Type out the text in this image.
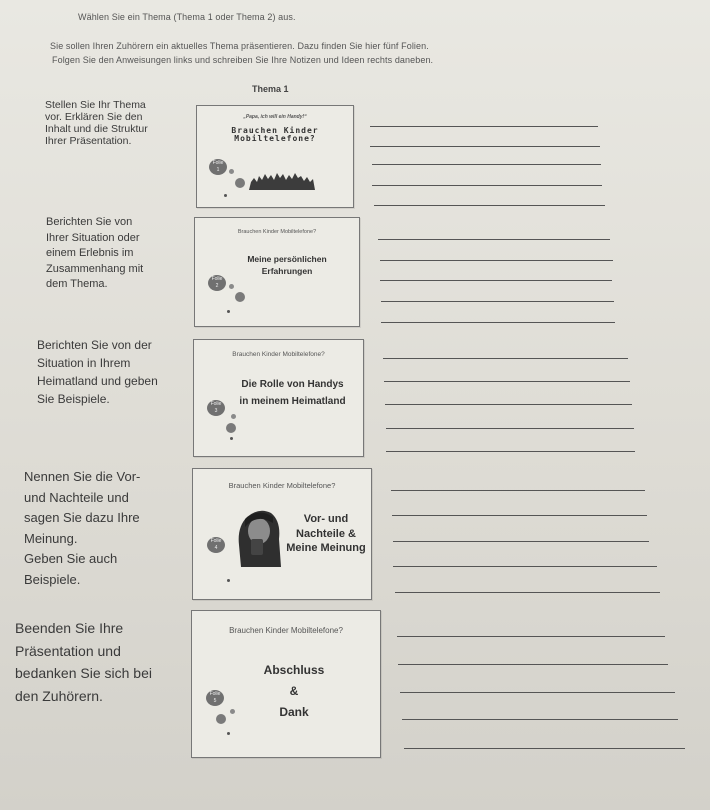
Wählen Sie ein Thema (Thema 1 oder Thema 2) aus.
Sie sollen Ihren Zuhörern ein aktuelles Thema präsentieren. Dazu finden Sie hier fünf Folien.
Folgen Sie den Anweisungen links und schreiben Sie Ihre Notizen und Ideen rechts daneben.
Thema 1
Stellen Sie Ihr Thema
vor. Erklären Sie den
Inhalt und die Struktur
Ihrer Präsentation.
„Papa, ich will ein Handy!“
Brauchen Kinder
Mobiltelefone?
Folie
1
Berichten Sie von
Ihrer Situation oder
einem Erlebnis im
Zusammenhang mit
dem Thema.
Brauchen Kinder Mobiltelefone?
Meine persönlichen
Erfahrungen
Folie
2
Berichten Sie von der
Situation in Ihrem
Heimatland und geben
Sie Beispiele.
Brauchen Kinder Mobiltelefone?
Die Rolle von Handys
in meinem Heimatland
Folie
3
Nennen Sie die Vor-
und Nachteile und
sagen Sie dazu Ihre
Meinung.
Geben Sie auch
Beispiele.
Brauchen Kinder Mobiltelefone?
Vor- und
Nachteile &
Meine Meinung
Folie
4
Beenden Sie Ihre
Präsentation und
bedanken Sie sich bei
den Zuhörern.
Brauchen Kinder Mobiltelefone?
Abschluss
&
Dank
Folie
5
